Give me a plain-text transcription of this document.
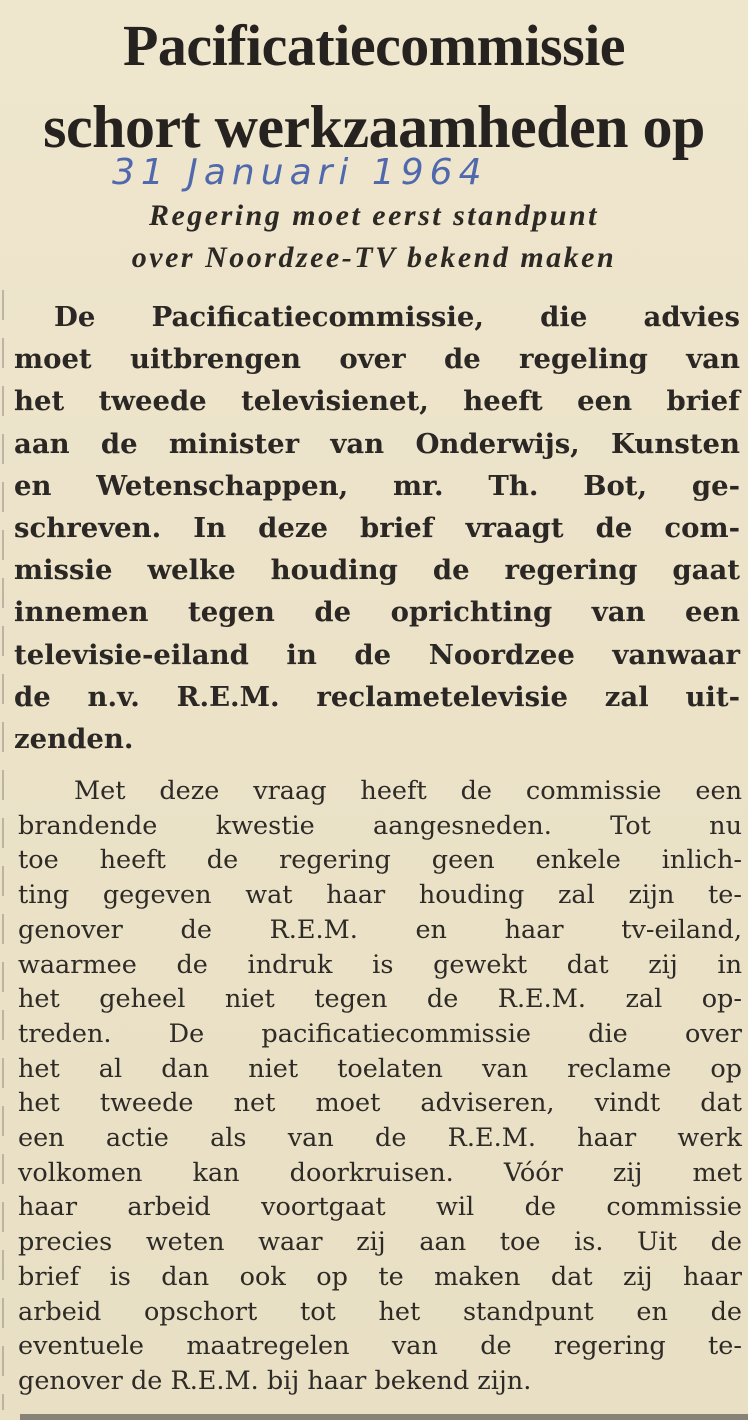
Pacificatiecommissie
schort werkzaamheden op
31 Januari 1964
Regering moet eerst standpunt
over Noordzee-TV bekend maken
De Pacificatiecommissie, die advies
moet uitbrengen over de regeling van
het tweede televisienet, heeft een brief
aan de minister van Onderwijs, Kunsten
en Wetenschappen, mr. Th. Bot, ge-
schreven. In deze brief vraagt de com-
missie welke houding de regering gaat
innemen tegen de oprichting van een
televisie-eiland in de Noordzee vanwaar
de n.v. R.E.M. reclametelevisie zal uit-
zenden.
Met deze vraag heeft de commissie een
brandende kwestie aangesneden. Tot nu
toe heeft de regering geen enkele inlich-
ting gegeven wat haar houding zal zijn te-
genover de R.E.M. en haar tv-eiland,
waarmee de indruk is gewekt dat zij in
het geheel niet tegen de R.E.M. zal op-
treden. De pacificatiecommissie die over
het al dan niet toelaten van reclame op
het tweede net moet adviseren, vindt dat
een actie als van de R.E.M. haar werk
volkomen kan doorkruisen. Vóór zij met
haar arbeid voortgaat wil de commissie
precies weten waar zij aan toe is. Uit de
brief is dan ook op te maken dat zij haar
arbeid opschort tot het standpunt en de
eventuele maatregelen van de regering te-
genover de R.E.M. bij haar bekend zijn.
